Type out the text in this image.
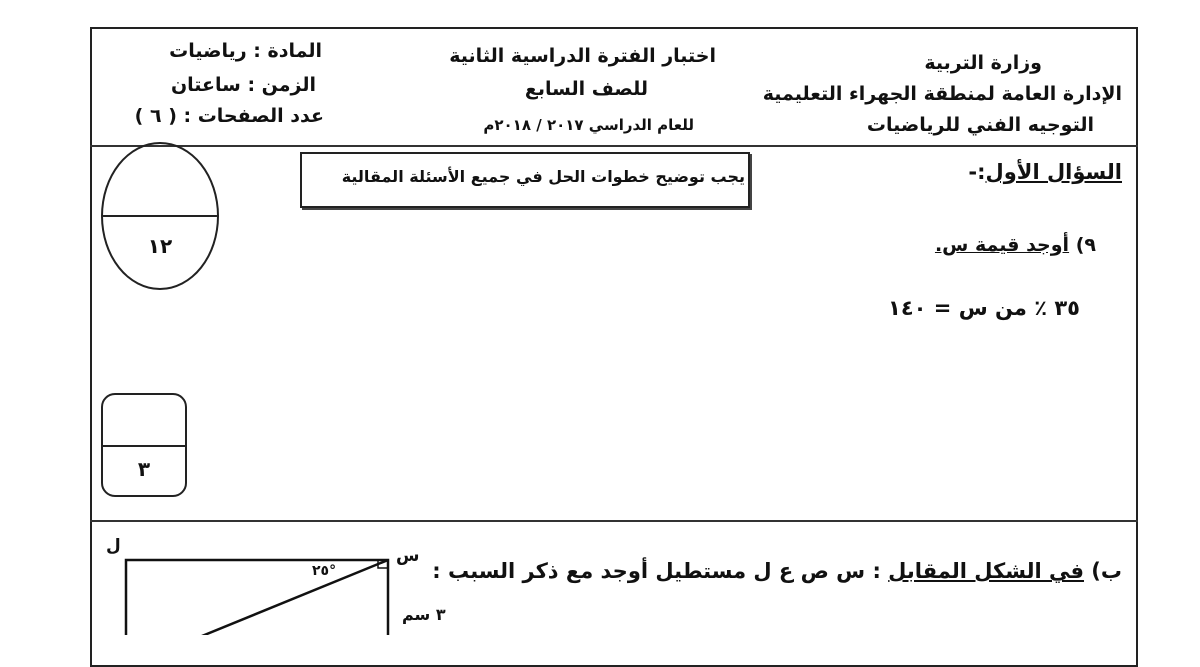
وزارة التربية
الإدارة العامة لمنطقة الجهراء التعليمية
التوجيه الفني للرياضيات
اختبار الفترة الدراسية الثانية
للصف السابع
للعام الدراسي ٢٠١٧ / ٢٠١٨م
المادة : رياضيات
الزمن : ساعتان
عدد الصفحات : ( ٦ )
يجب توضيح خطوات الحل في جميع الأسئلة المقالية	السؤال الأول:-
٩) أوجد قيمة س.
٣٥ ٪ من س = ١٤٠
١٢
٣
ب) في الشكل المقابل : س ص ع ل مستطيل أوجد مع ذكر السبب :
ل	س
°٢٥
٣ سم
